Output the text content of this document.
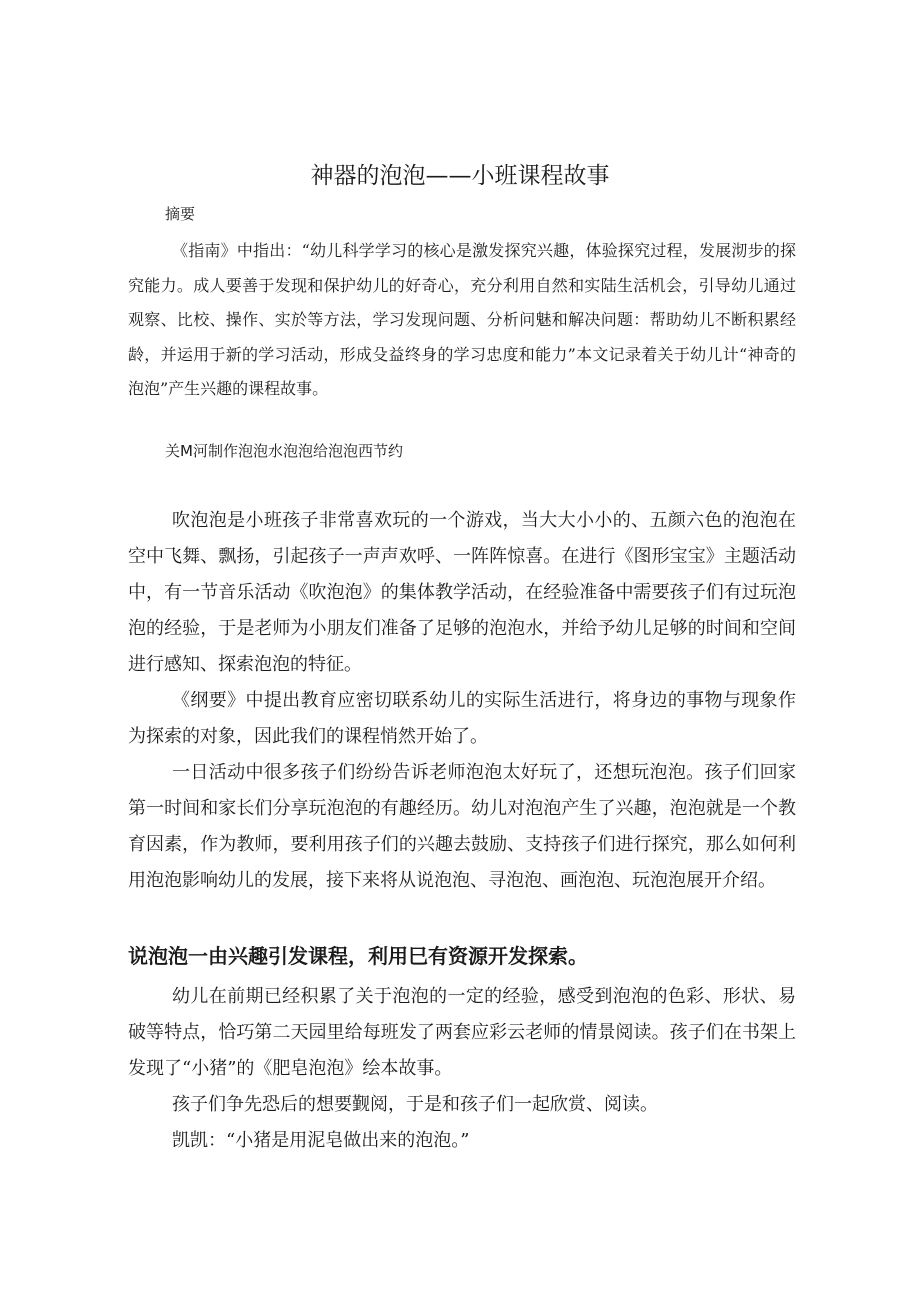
神器的泡泡——小班课程故事
摘要

《指南》中指出：“幼儿科学学习的核心是激发探究兴趣，体验探究过程，发展沏步的探究能力。成人要善于发现和保护幼儿的好奇心，充分利用自然和实陆生活机会，引导幼儿通过观察、比校、操作、实於等方法，学习发现问题、分析问魅和解决问题：帮助幼儿不断积累经龄，并运用于新的学习活动，形成殳益终身的学习忠度和能力”本文记录着关于幼儿计“神奇的泡泡”产生兴趣的课程故事。

关M河制作泡泡水泡泡给泡泡西节约

吹泡泡是小班孩子非常喜欢玩的一个游戏，当大大小小的、五颜六色的泡泡在空中飞舞、飘扬，引起孩子一声声欢呼、一阵阵惊喜。在进行《图形宝宝》主题活动中，有一节音乐活动《吹泡泡》的集体教学活动，在经验准备中需要孩子们有过玩泡泡的经验，于是老师为小朋友们准备了足够的泡泡水，并给予幼儿足够的时间和空间进行感知、探索泡泡的特征。

《纲要》中提出教育应密切联系幼儿的实际生活进行，将身边的事物与现象作为探索的对象，因此我们的课程悄然开始了。

一日活动中很多孩子们纷纷告诉老师泡泡太好玩了，还想玩泡泡。孩子们回家第一时间和家长们分享玩泡泡的有趣经历。幼儿对泡泡产生了兴趣，泡泡就是一个教育因素，作为教师，要利用孩子们的兴趣去鼓励、支持孩子们进行探究，那么如何利用泡泡影响幼儿的发展，接下来将从说泡泡、寻泡泡、画泡泡、玩泡泡展开介绍。

说泡泡一由兴趣引发课程，利用巳有资源开发探索。

幼儿在前期已经积累了关于泡泡的一定的经验，感受到泡泡的色彩、形状、易破等特点，恰巧第二天园里给每班发了两套应彩云老师的情景阅读。孩子们在书架上发现了“小猪”的《肥皂泡泡》绘本故事。

孩子们争先恐后的想要觐阅，于是和孩子们一起欣赏、阅读。

凯凯：“小猪是用泥皂做出来的泡泡。”
